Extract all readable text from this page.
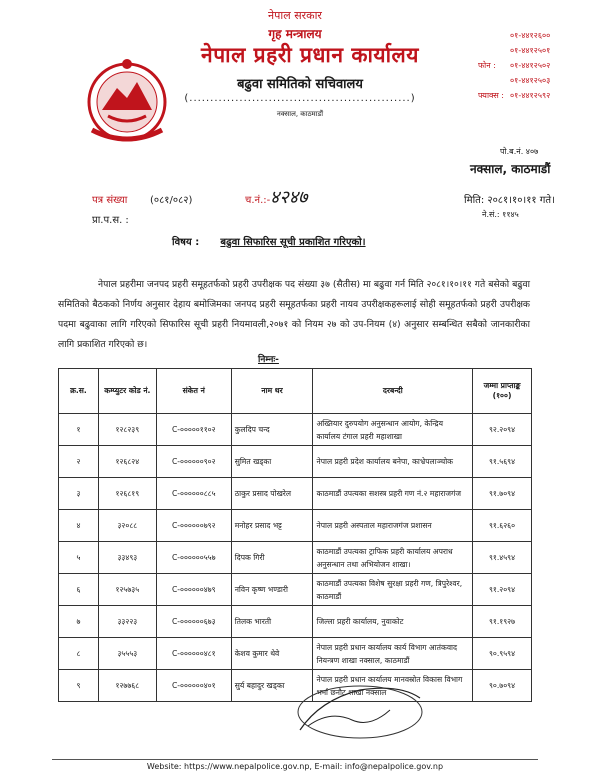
नेपाल सरकार
गृह मन्त्रालय
नेपाल प्रहरी प्रधान कार्यालय
बढुवा समितिको सचिवालय
(.....................................................)
नक्साल, काठमाडौं
०१-४४१२६००
०१-४४१२५०१
फोन : ०१-४४१२५०२
०१-४४१२५०३
फ्याक्स : ०१-४४१२५९२
पो.ब.नं. ४०७
नक्साल, काठमाडौं
पत्र संख्या (०८१/०८२)	च.नं.:- ४२४७	मिति: २०८१।१०।११ गते।
ने.सं.: ११४५
प्रा.प.स. :
विषय : बढुवा सिफारिस सूची प्रकाशित गरिएको।
नेपाल प्रहरीमा जनपद प्रहरी समूहतर्फको प्रहरी उपरीक्षक पद संख्या ३७ (सैतीस) मा बढुवा गर्न मिति २०८१।१०।११ गते बसेको बढुवा समितिको बैठकको निर्णय अनुसार देहाय बमोजिमका जनपद प्रहरी समूहतर्फका प्रहरी नायव उपरीक्षकहरूलाई सोही समूहतर्फको प्रहरी उपरीक्षक पदमा बढुवाका लागि गरिएको सिफारिस सूची प्रहरी नियमावली,२०७१ को नियम २७ को उप-नियम (४) अनुसार सम्बन्धित सबैको जानकारीका लागि प्रकाशित गरिएको छ।
निम्नः-
क्र.स.	कम्प्युटर कोड नं.	संकेत नं	नाम थर	दरबन्दी	जम्मा प्राप्ताङ्क (१००)
१	१२८२३९	C-०००००११०२	कुलदिप चन्द	अख्तियार दुरुपयोग अनुसन्धान आयोग, केन्द्रिय कार्यालय टंगाल प्रहरी महाशाखा	९२.२०९४
२	१२६८२४	C-००००००९०२	सुमित खड्का	नेपाल प्रहरी प्रदेश कार्यालय बनेपा, काभ्रेपलाञ्चोक	९१.५६९४
३	१२६८१९	C-००००००८८५	ठाकुर प्रसाद पोखरेल	काठमाडौं उपत्यका सशस्त्र प्रहरी गण नं.२ महाराजगंज	९१.७०९४
४	३२०८८	C-००००००७९२	मनोहर प्रसाद भट्ट	नेपाल प्रहरी अस्पताल महाराजगंज प्रशासन	९१.६२६०
५	३३४९३	C-००००००५५७	दिपक गिरी	काठमाडौं उपत्यका ट्राफिक प्रहरी कार्यालय अपराध अनुसन्धान तथा अभियोजन शाखा।	९१.४५९४
६	१२५७३५	C-००००००४७९	नविन कृष्ण भण्डारी	काठमाडौं उपत्यका विशेष सुरक्षा प्रहरी गण, त्रिपुरेश्वर, काठमाडौं	९१.२०९४
७	३३२२३	C-००००००६७३	तिलक भारती	जिल्ला प्रहरी कार्यालय, नुवाकोट	९१.१९२७
८	३५५५३	C-००००००४८१	केशव कुमार थेवे	नेपाल प्रहरी प्रधान कार्यालय कार्य विभाग आतंकवाद नियन्त्रण शाखा नक्साल, काठमाडौं	९०.९५९४
९	१२७७६८	C-००००००४०१	सुर्य बहादुर खड्का	नेपाल प्रहरी प्रधान कार्यालय मानवस्रोत विकास विभाग भर्ना छनौट शाखा नक्साल	९०.७०९४
Website: https://www.nepalpolice.gov.np, E-mail: info@nepalpolice.gov.np
